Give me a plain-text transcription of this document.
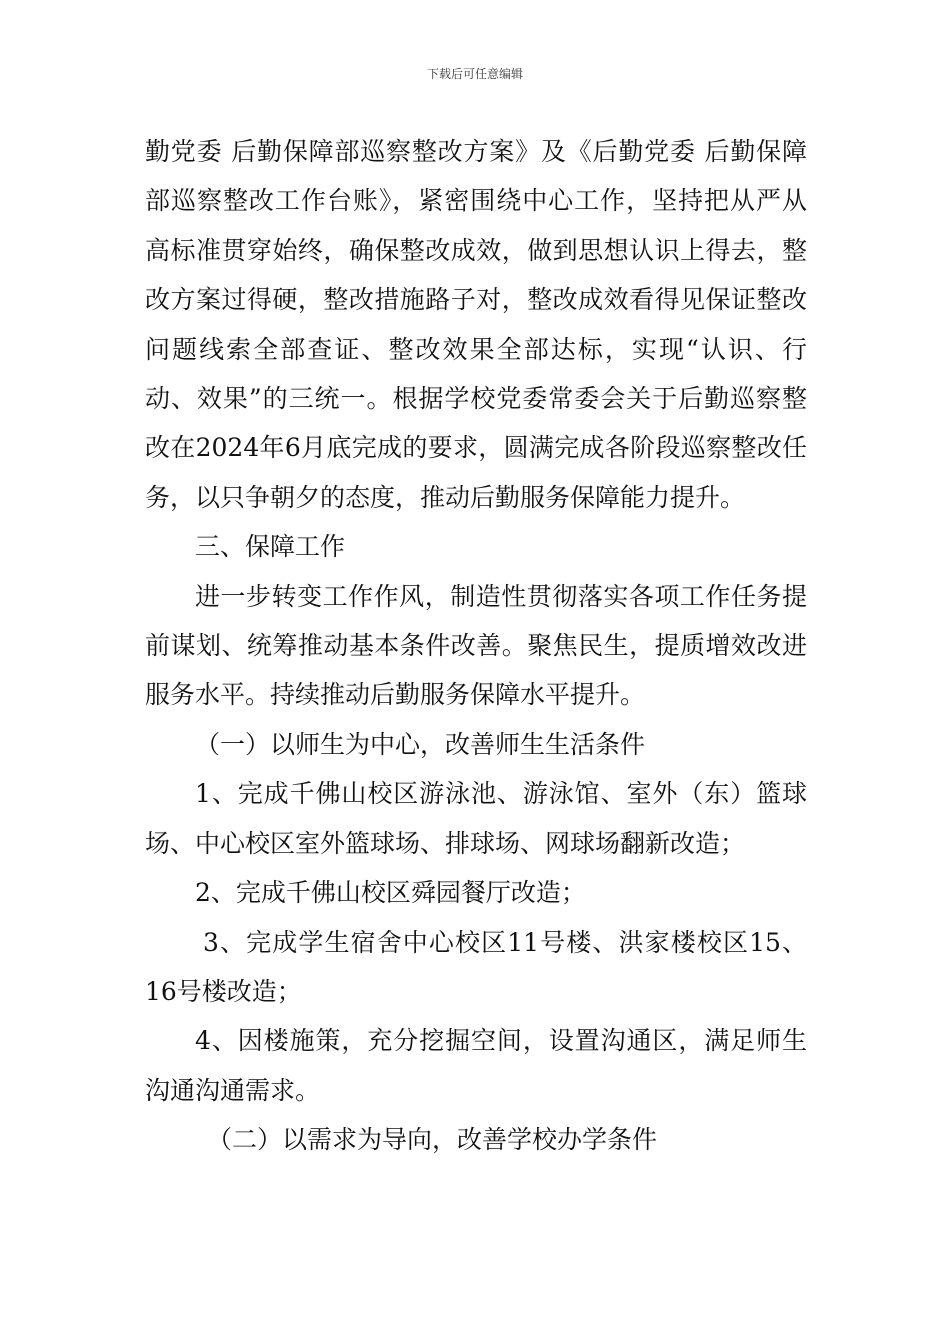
下载后可任意编辑

勤党委 后勤保障部巡察整改方案》及《后勤党委 后勤保障部巡察整改工作台账》，紧密围绕中心工作，坚持把从严从高标准贯穿始终，确保整改成效，做到思想认识上得去，整改方案过得硬，整改措施路子对，整改成效看得见保证整改问题线索全部查证、整改效果全部达标，实现“认识、行动、效果”的三统一。根据学校党委常委会关于后勤巡察整改在2024年6月底完成的要求，圆满完成各阶段巡察整改任务，以只争朝夕的态度，推动后勤服务保障能力提升。

三、保障工作

进一步转变工作作风，制造性贯彻落实各项工作任务提前谋划、统筹推动基本条件改善。聚焦民生，提质增效改进服务水平。持续推动后勤服务保障水平提升。

（一）以师生为中心，改善师生生活条件

1、完成千佛山校区游泳池、游泳馆、室外（东）篮球场、中心校区室外篮球场、排球场、网球场翻新改造；

2、完成千佛山校区舜园餐厅改造；

3、完成学生宿舍中心校区11号楼、洪家楼校区15、16号楼改造；

4、因楼施策，充分挖掘空间，设置沟通区，满足师生沟通沟通需求。

（二）以需求为导向，改善学校办学条件
